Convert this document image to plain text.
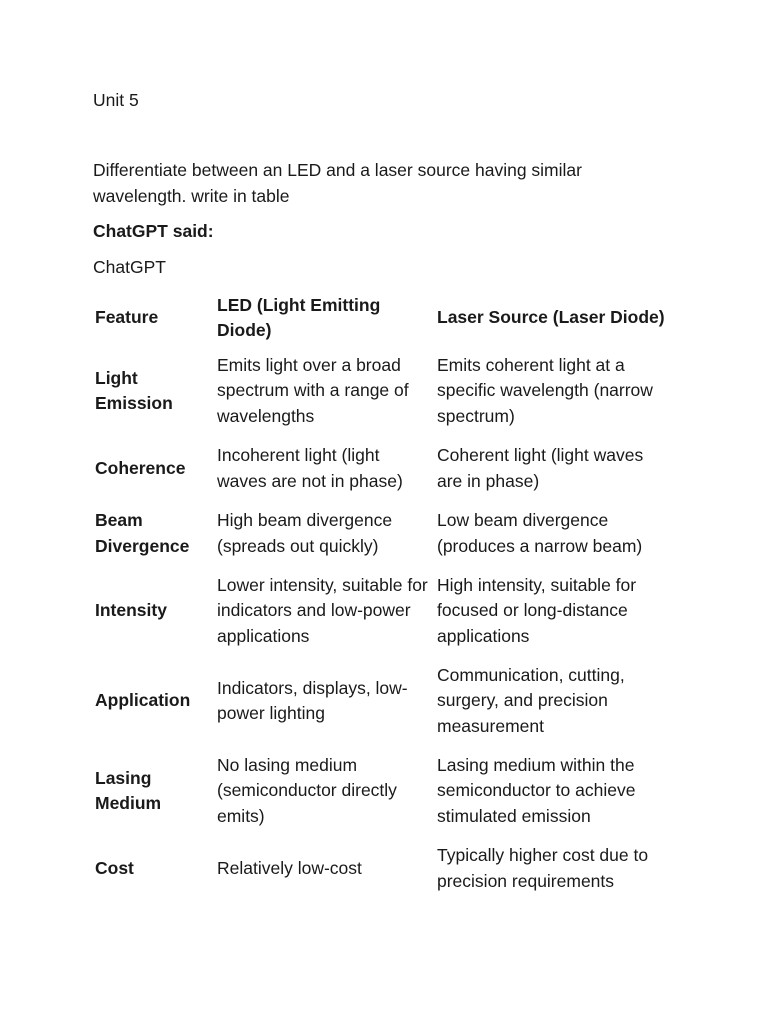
Unit 5
Differentiate between an LED and a laser source having similar wavelength. write in table
ChatGPT said:
ChatGPT
Feature	LED (Light Emitting Diode)	Laser Source (Laser Diode)
Light Emission	Emits light over a broad spectrum with a range of wavelengths	Emits coherent light at a specific wavelength (narrow spectrum)
Coherence	Incoherent light (light waves are not in phase)	Coherent light (light waves are in phase)
Beam Divergence	High beam divergence (spreads out quickly)	Low beam divergence (produces a narrow beam)
Intensity	Lower intensity, suitable for indicators and low-power applications	High intensity, suitable for focused or long-distance applications
Application	Indicators, displays, low-power lighting	Communication, cutting, surgery, and precision measurement
Lasing Medium	No lasing medium (semiconductor directly emits)	Lasing medium within the semiconductor to achieve stimulated emission
Cost	Relatively low-cost	Typically higher cost due to precision requirements
